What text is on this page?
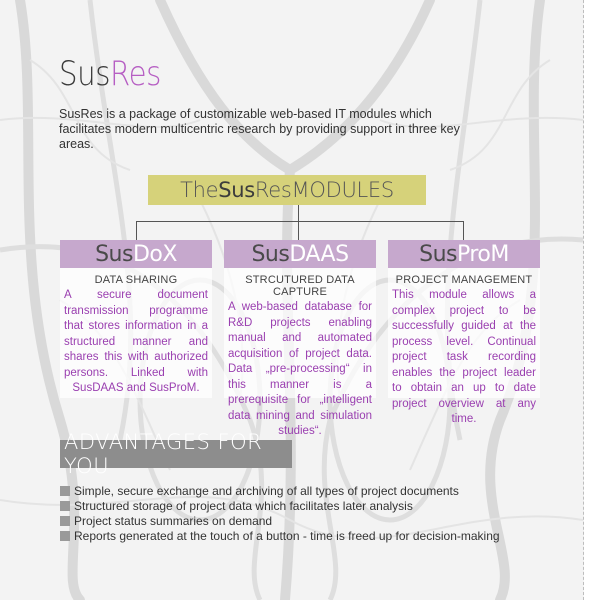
SusRes

SusRes is a package of customizable web-based IT modules which facilitates modern multicentric research by providing support in three key areas.

The Sus Res MODULES
Sus DoX
DATA SHARING

A secure document transmission programme that stores information in a structured manner and shares this with authorized persons. Linked with SusDAAS and SusProM.

Sus DAAS
STRCUTURED DATA CAPTURE

A web-based database for R&D projects enabling manual and automated acquisition of project data. Data „pre-processing“ in this manner is a prerequisite for „intelligent data mining and simulation studies“.

Sus ProM
PROJECT MANAGEMENT

This module allows a complex project to be successfully guided at the process level. Continual project task recording enables the project leader to obtain an up to date project overview at any time.

ADVANTAGES FOR YOU
Simple, secure exchange and archiving of all types of project documents
Structured storage of project data which facilitates later analysis
Project status summaries on demand
Reports generated at the touch of a button - time is freed up for decision-making
